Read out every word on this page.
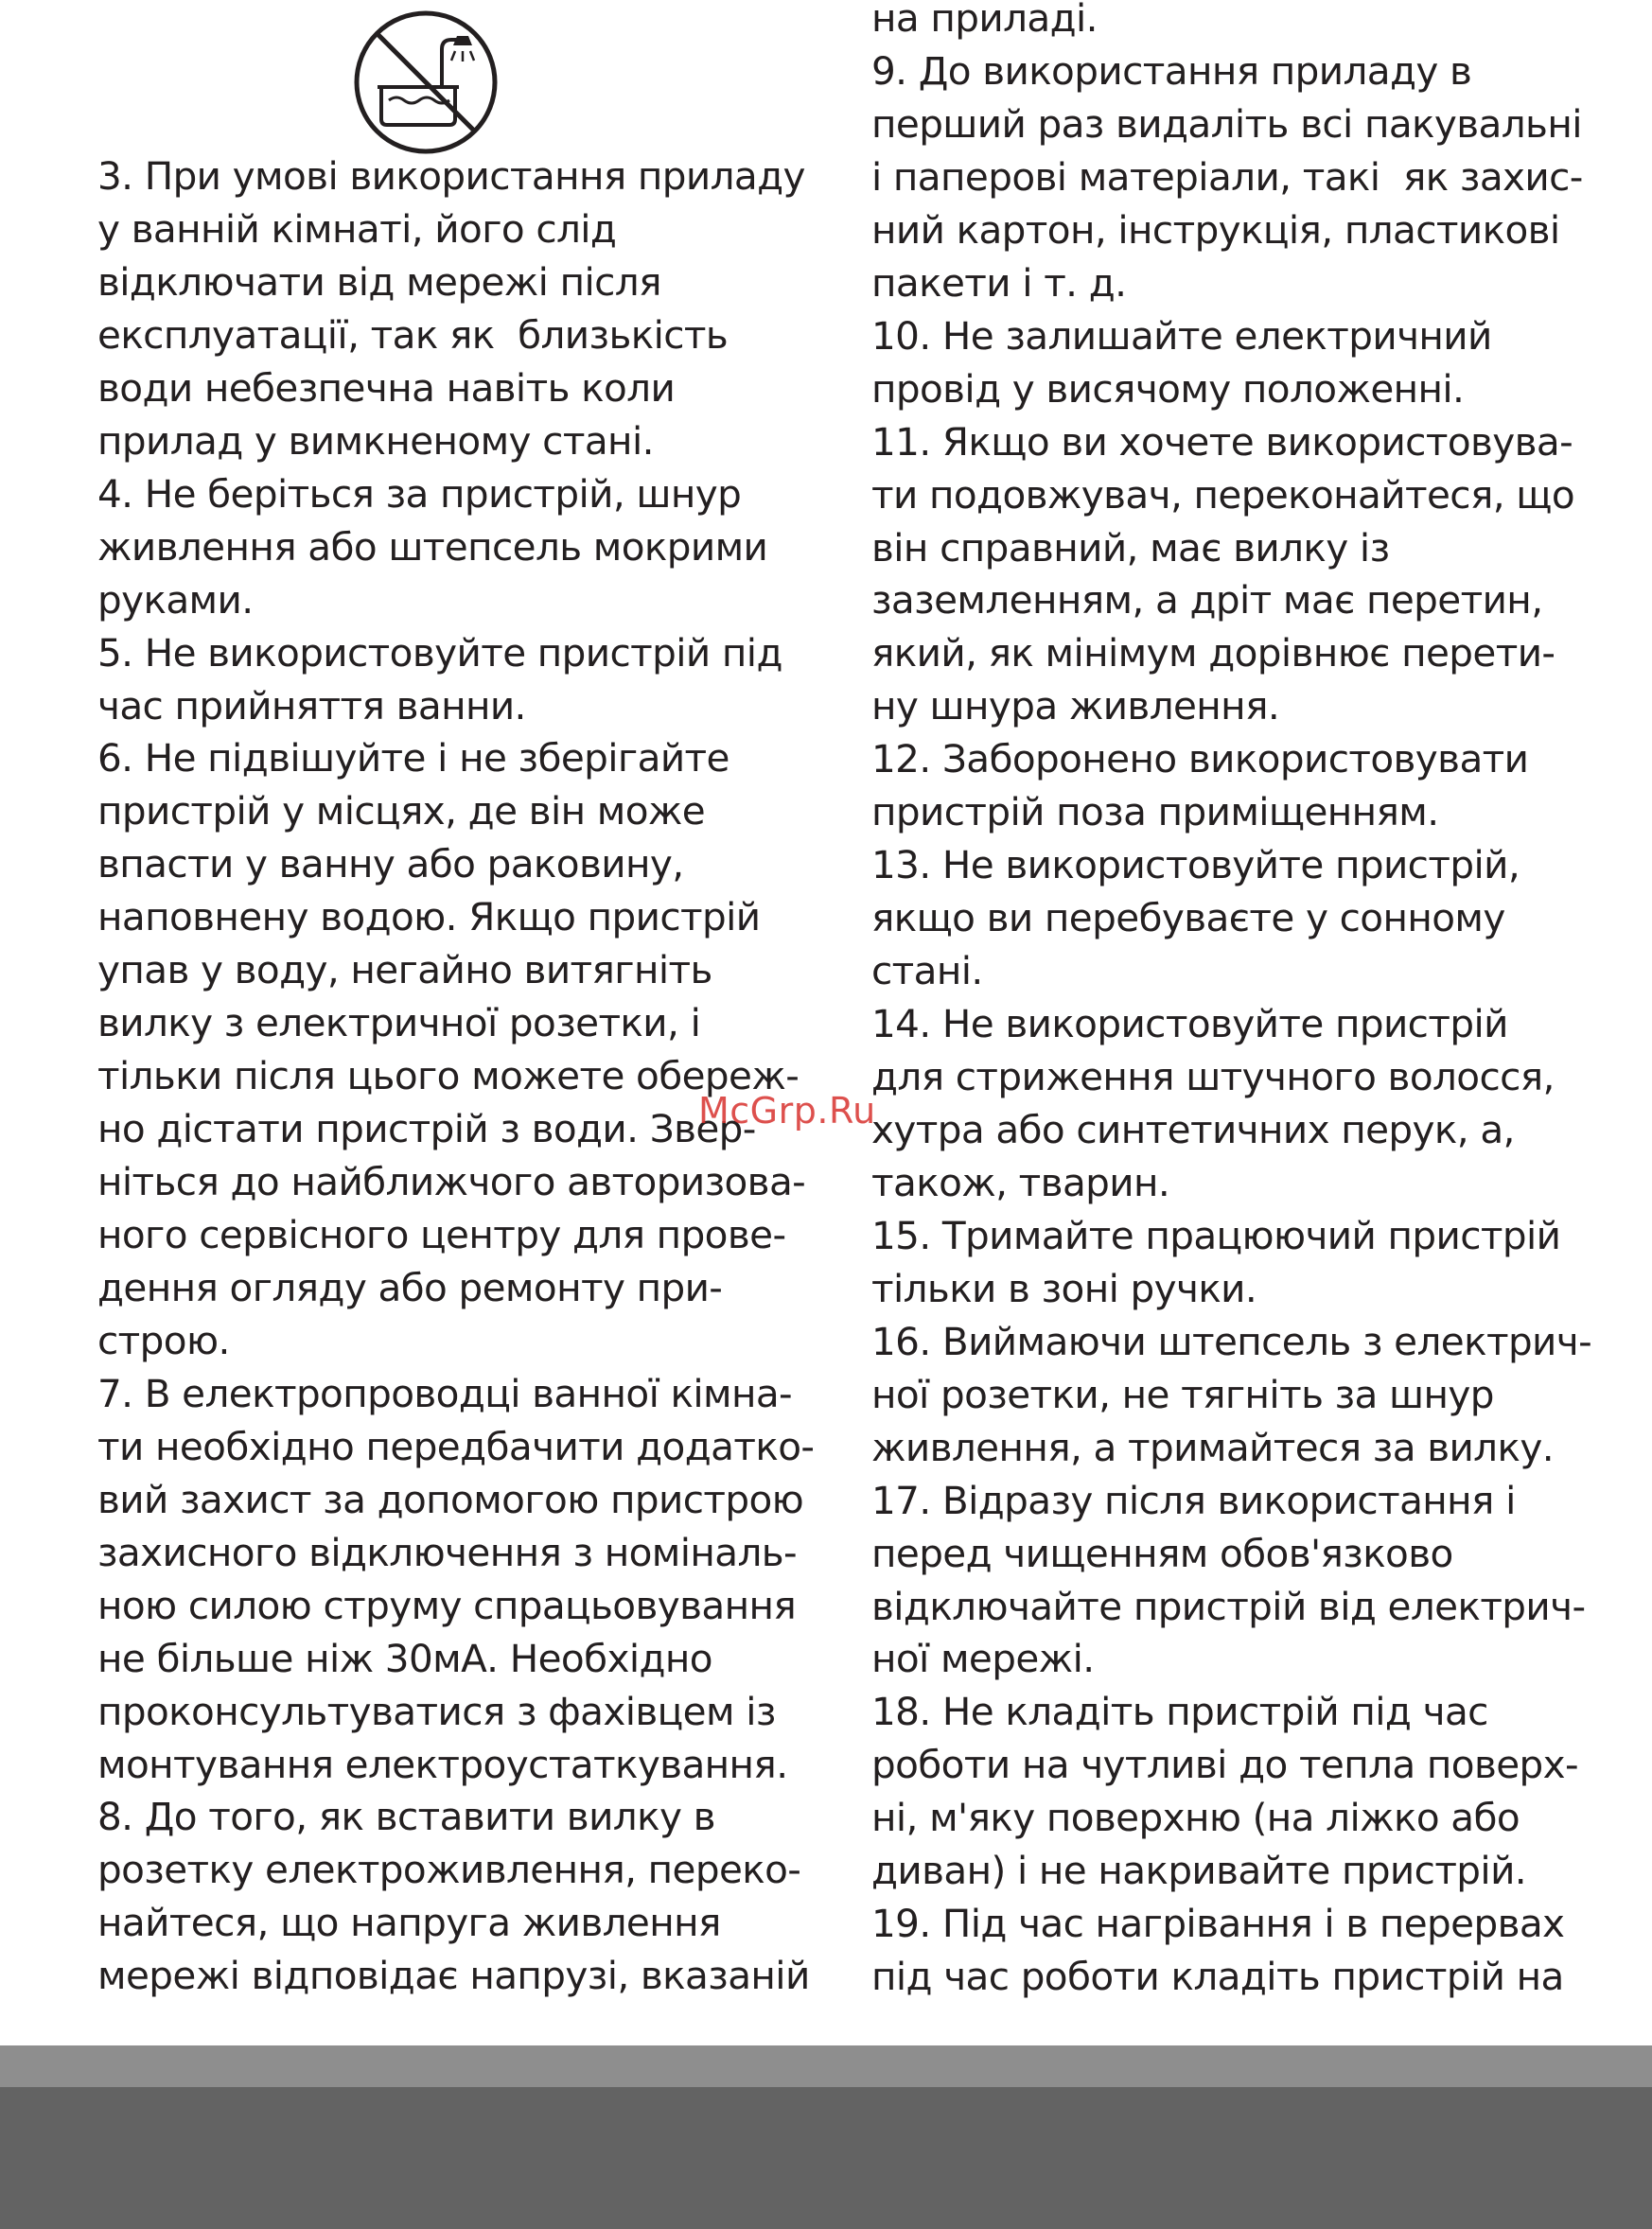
3. При умові використання приладу
у ванній кімнаті, його слід
відключати від мережі після
експлуатації, так як  близькість
води небезпечна навіть коли
прилад у вимкненому стані.
4. Не беріться за пристрій, шнур
живлення або штепсель мокрими
руками.
5. Не використовуйте пристрій під
час прийняття ванни.
6. Не підвішуйте і не зберігайте
пристрій у місцях, де він може
впасти у ванну або раковину,
наповнену водою. Якщо пристрій
упав у воду, негайно витягніть
вилку з електричної розетки, і
тільки після цього можете обереж-
но дістати пристрій з води. Звер-
ніться до найближчого авторизова-
ного сервісного центру для прове-
дення огляду або ремонту при-
строю.
7. В електропроводці ванної кімна-
ти необхідно передбачити додатко-
вий захист за допомогою пристрою
захисного відключення з номіналь-
ною силою струму спрацьовування
не більше ніж 30мА. Необхідно
проконсультуватися з фахівцем із
монтування електроустаткування.
8. До того, як вставити вилку в
розетку електроживлення, переко-
найтеся, що напруга живлення
мережі відповідає напрузі, вказаній
на приладі.
9. До використання приладу в
перший раз видаліть всі пакувальні
і паперові матеріали, такі  як захис-
ний картон, інструкція, пластикові
пакети і т. д.
10. Не залишайте електричний
провід у висячому положенні.
11. Якщо ви хочете використовува-
ти подовжувач, переконайтеся, що
він справний, має вилку із
заземленням, а дріт має перетин,
який, як мінімум дорівнює перети-
ну шнура живлення.
12. Заборонено використовувати
пристрій поза приміщенням.
13. Не використовуйте пристрій,
якщо ви перебуваєте у сонному
стані.
14. Не використовуйте пристрій
для стриження штучного волосся,
хутра або синтетичних перук, а,
також, тварин.
15. Тримайте працюючий пристрій
тільки в зоні ручки.
16. Виймаючи штепсель з електрич-
ної розетки, не тягніть за шнур
живлення, а тримайтеся за вилку.
17. Відразу після використання і
перед чищенням обов'язково
відключайте пристрій від електрич-
ної мережі.
18. Не кладіть пристрій під час
роботи на чутливі до тепла поверх-
ні, м'яку поверхню (на ліжко або
диван) і не накривайте пристрій.
19. Під час нагрівання і в перервах
під час роботи кладіть пристрій на
McGrp.Ru
